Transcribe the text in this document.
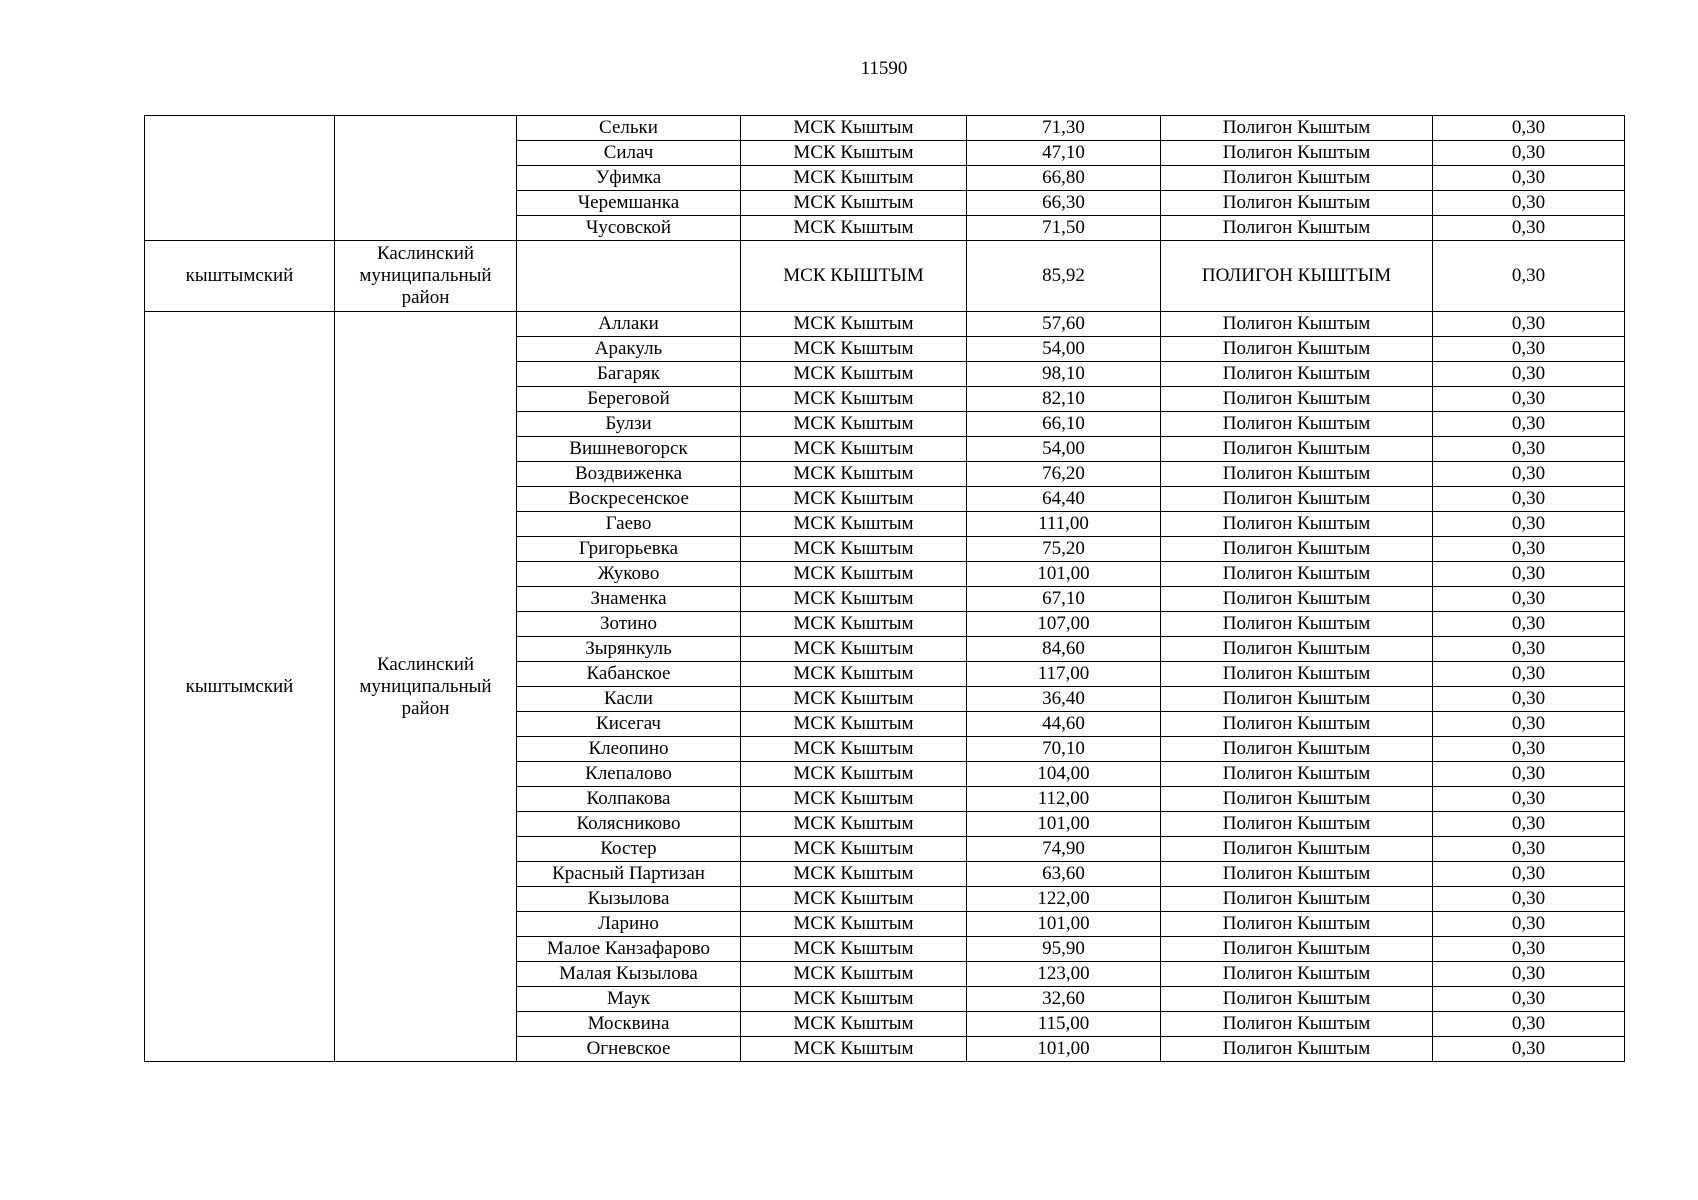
11590
		Сельки	МСК Кыштым	71,30	Полигон Кыштым	0,30
		Силач	МСК Кыштым	47,10	Полигон Кыштым	0,30
		Уфимка	МСК Кыштым	66,80	Полигон Кыштым	0,30
		Черемшанка	МСК Кыштым	66,30	Полигон Кыштым	0,30
		Чусовской	МСК Кыштым	71,50	Полигон Кыштым	0,30
кыштымский	Каслинский муниципальный район		МСК КЫШТЫМ	85,92	ПОЛИГОН КЫШТЫМ	0,30
кыштымский	Каслинский муниципальный район	Аллаки	МСК Кыштым	57,60	Полигон Кыштым	0,30
		Аракуль	МСК Кыштым	54,00	Полигон Кыштым	0,30
		Багаряк	МСК Кыштым	98,10	Полигон Кыштым	0,30
		Береговой	МСК Кыштым	82,10	Полигон Кыштым	0,30
		Булзи	МСК Кыштым	66,10	Полигон Кыштым	0,30
		Вишневогорск	МСК Кыштым	54,00	Полигон Кыштым	0,30
		Воздвиженка	МСК Кыштым	76,20	Полигон Кыштым	0,30
		Воскресенское	МСК Кыштым	64,40	Полигон Кыштым	0,30
		Гаево	МСК Кыштым	111,00	Полигон Кыштым	0,30
		Григорьевка	МСК Кыштым	75,20	Полигон Кыштым	0,30
		Жуково	МСК Кыштым	101,00	Полигон Кыштым	0,30
		Знаменка	МСК Кыштым	67,10	Полигон Кыштым	0,30
		Зотино	МСК Кыштым	107,00	Полигон Кыштым	0,30
		Зырянкуль	МСК Кыштым	84,60	Полигон Кыштым	0,30
		Кабанское	МСК Кыштым	117,00	Полигон Кыштым	0,30
		Касли	МСК Кыштым	36,40	Полигон Кыштым	0,30
		Кисегач	МСК Кыштым	44,60	Полигон Кыштым	0,30
		Клеопино	МСК Кыштым	70,10	Полигон Кыштым	0,30
		Клепалово	МСК Кыштым	104,00	Полигон Кыштым	0,30
		Колпакова	МСК Кыштым	112,00	Полигон Кыштым	0,30
		Колясниково	МСК Кыштым	101,00	Полигон Кыштым	0,30
		Костер	МСК Кыштым	74,90	Полигон Кыштым	0,30
		Красный Партизан	МСК Кыштым	63,60	Полигон Кыштым	0,30
		Кызылова	МСК Кыштым	122,00	Полигон Кыштым	0,30
		Ларино	МСК Кыштым	101,00	Полигон Кыштым	0,30
		Малое Канзафарово	МСК Кыштым	95,90	Полигон Кыштым	0,30
		Малая Кызылова	МСК Кыштым	123,00	Полигон Кыштым	0,30
		Маук	МСК Кыштым	32,60	Полигон Кыштым	0,30
		Москвина	МСК Кыштым	115,00	Полигон Кыштым	0,30
		Огневское	МСК Кыштым	101,00	Полигон Кыштым	0,30
